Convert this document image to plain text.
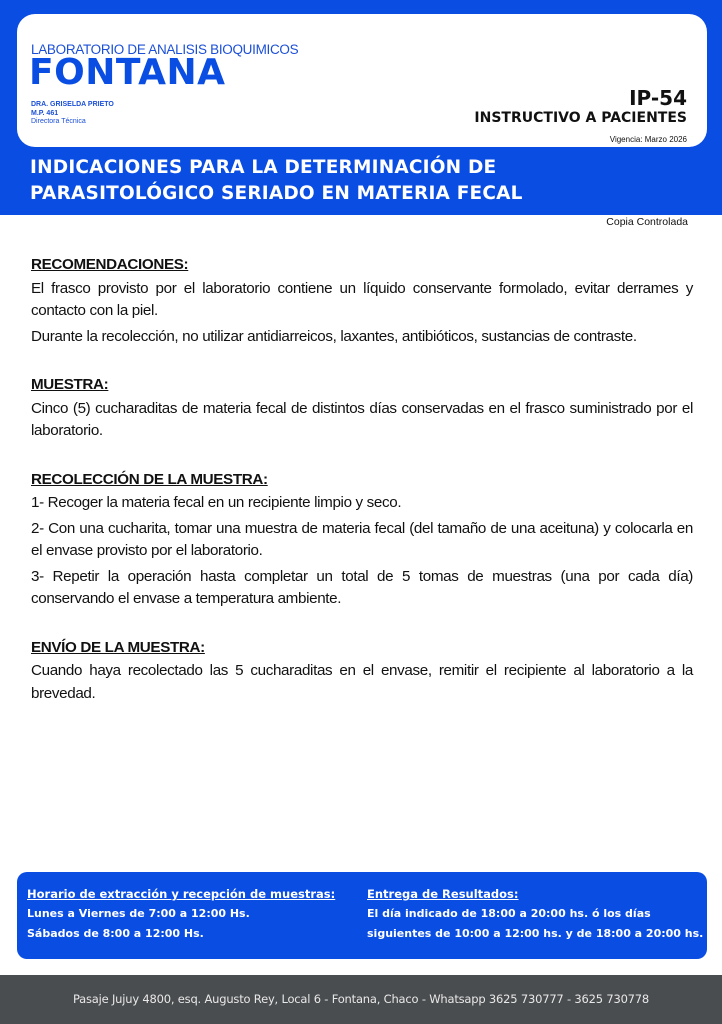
LABORATORIO DE ANALISIS BIOQUIMICOS
FONTANA
DRA. GRISELDA PRIETO
M.P. 461
Directora Técnica
IP-54
INSTRUCTIVO A PACIENTES
Vigencia: Marzo 2026
INDICACIONES PARA LA DETERMINACIÓN DE
PARASITOLÓGICO SERIADO EN MATERIA FECAL
Copia Controlada
RECOMENDACIONES:

El frasco provisto por el laboratorio contiene un líquido conservante formolado, evitar derrames y contacto con la piel.

Durante la recolección, no utilizar antidiarreicos, laxantes, antibióticos, sustancias de contraste.

MUESTRA:

Cinco (5) cucharaditas de materia fecal de distintos días conservadas en el frasco suministrado por el laboratorio.

RECOLECCIÓN DE LA MUESTRA:

1- Recoger la materia fecal en un recipiente limpio y seco.

2- Con una cucharita, tomar una muestra de materia fecal (del tamaño de una aceituna) y colocarla en el envase provisto por el laboratorio.

3- Repetir la operación hasta completar un total de 5 tomas de muestras (una por cada día) conservando el envase a temperatura ambiente.

ENVÍO DE LA MUESTRA:

Cuando haya recolectado las 5 cucharaditas en el envase, remitir el recipiente al laboratorio a la brevedad.

Horario de extracción y recepción de muestras:
Lunes a Viernes de 7:00 a 12:00 Hs.
Sábados de 8:00 a 12:00 Hs.
Entrega de Resultados:
El día indicado de 18:00 a 20:00 hs. ó los días
siguientes de 10:00 a 12:00 hs. y de 18:00 a 20:00 hs.
Pasaje Jujuy 4800, esq. Augusto Rey, Local 6 - Fontana, Chaco - Whatsapp 3625 730777 - 3625 730778
